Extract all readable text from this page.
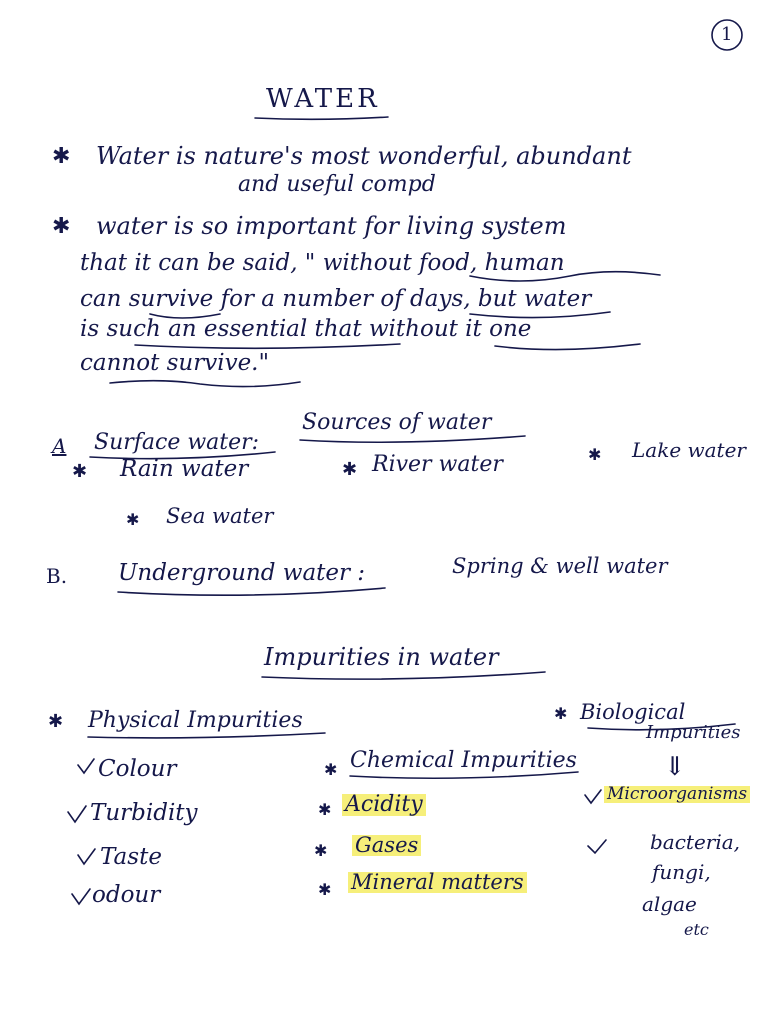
1
WATER
✱ Water is nature's most wonderful, abundant
and useful compd
✱ water is so important for living system
that it can be said, " without food, human
can survive for a number of days, but water
is such an essential that without it one
cannot survive."
Sources of water
A Surface water:
✱ Rain water	✱ River water	✱ Lake water
✱ Sea water
B. Underground water :	Spring & well water
Impurities in water
✱ Physical Impurities
Colour
Turbidity
Taste
odour
✱ Chemical Impurities
✱ Acidity
✱ Gases
✱ Mineral matters
✱ Biological
Impurities
⇓
Microorganisms
bacteria,
fungi,
algae
etc
